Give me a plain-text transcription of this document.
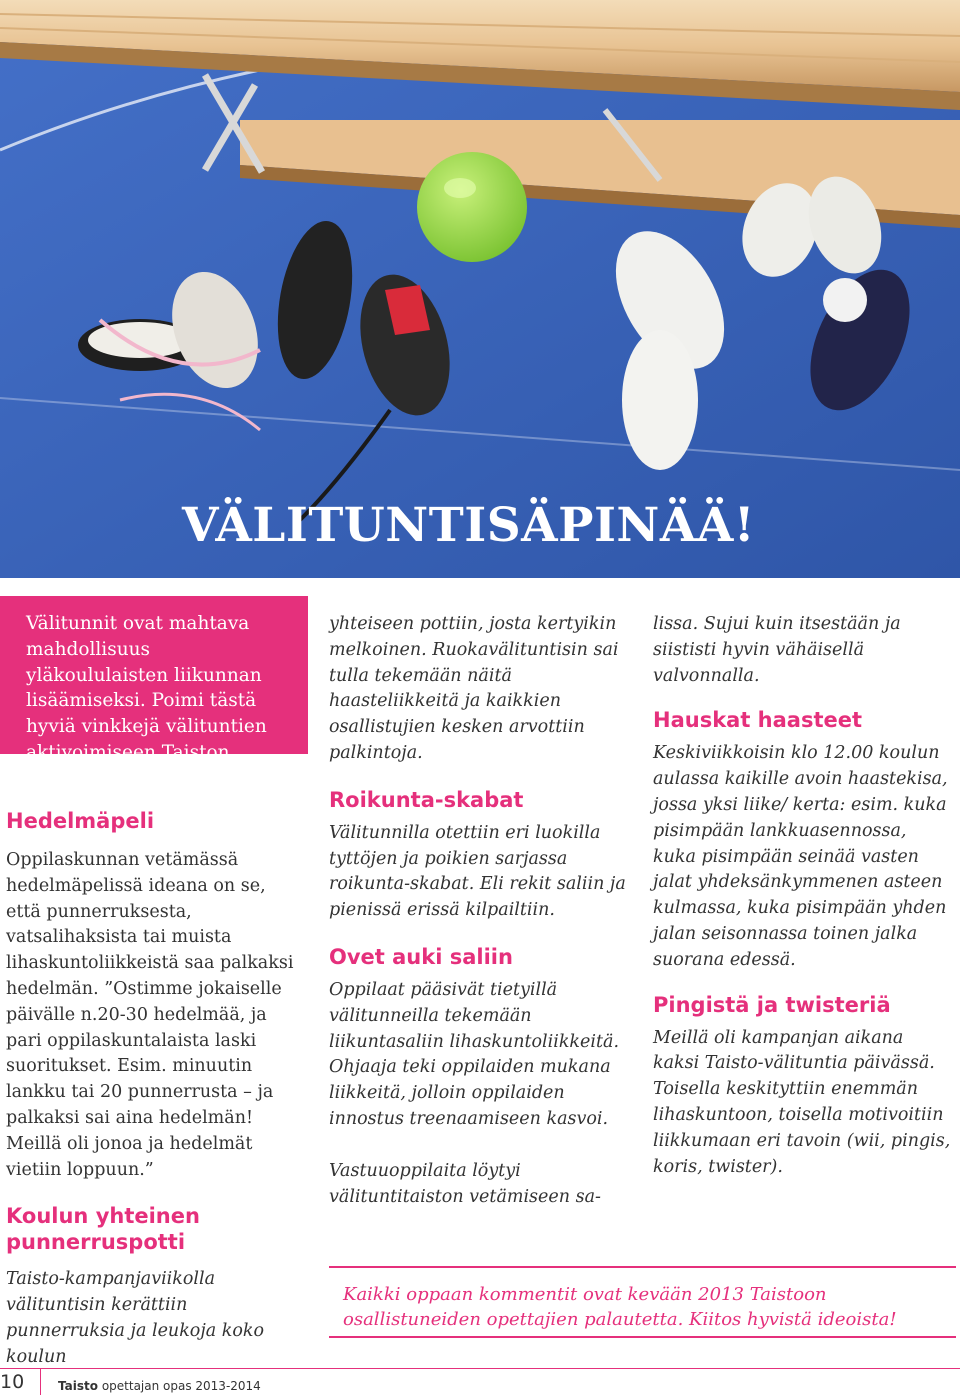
VÄLITUNTISÄPINÄÄ!

Välitunnit ovat mahtava mahdollisuus yläkoululaisten liikunnan lisäämiseksi. Poimi tästä hyviä vinkkejä välituntien aktivoimiseen Taiston aikana.

Hedelmäpeli

Oppilaskunnan vetämässä hedelmäpelissä ideana on se, että punnerruksesta, vatsalihaksista tai muista lihaskuntoliikkeistä saa palkaksi hedelmän. ”Ostimme jokaiselle päivälle n.20-30 hedelmää, ja pari oppilaskuntalaista laski suoritukset. Esim. minuutin lankku tai 20 punnerrusta – ja palkaksi sai aina hedelmän! Meillä oli jonoa ja hedelmät vietiin loppuun.”

Koulun yhteinen punnerruspotti

Taisto-kampanjaviikolla välituntisin kerättiin punnerruksia ja leukoja koko koulun

yhteiseen pottiin, josta kertyikin melkoinen. Ruokavälituntisin sai tulla tekemään näitä haasteliikkeitä ja kaikkien osallistujien kesken arvottiin palkintoja.

Roikunta-skabat

Välitunnilla otettiin eri luokilla tyttöjen ja poikien sarjassa roikunta-skabat. Eli rekit saliin ja pienissä erissä kilpailtiin.

Ovet auki saliin

Oppilaat pääsivät tietyillä välitunneilla tekemään liikuntasaliin lihaskuntoliikkeitä. Ohjaaja teki oppilaiden mukana liikkeitä, jolloin oppilaiden innostus treenaamiseen kasvoi.

Vastuuoppilaita löytyi välituntitaiston vetämiseen sa-

lissa. Sujui kuin itsestään ja siististi hyvin vähäisellä valvonnalla.

Hauskat haasteet

Keskiviikkoisin klo 12.00 koulun aulassa kaikille avoin haastekisa, jossa yksi liike/ kerta: esim. kuka pisimpään lankkuasennossa, kuka pisimpään seinää vasten jalat yhdeksänkymmenen asteen kulmassa, kuka pisimpään yhden jalan seisonnassa toinen jalka suorana edessä.

Pingistä ja twisteriä

Meillä oli kampanjan aikana kaksi Taisto-välituntia päivässä. Toisella keskityttiin enemmän lihaskuntoon, toisella motivoitiin liikkumaan eri tavoin (wii, pingis, koris, twister).

Kaikki oppaan kommentit ovat kevään 2013 Taistoon osallistuneiden opettajien palautetta. Kiitos hyvistä ideoista!

10	Taisto opettajan opas 2013-2014
